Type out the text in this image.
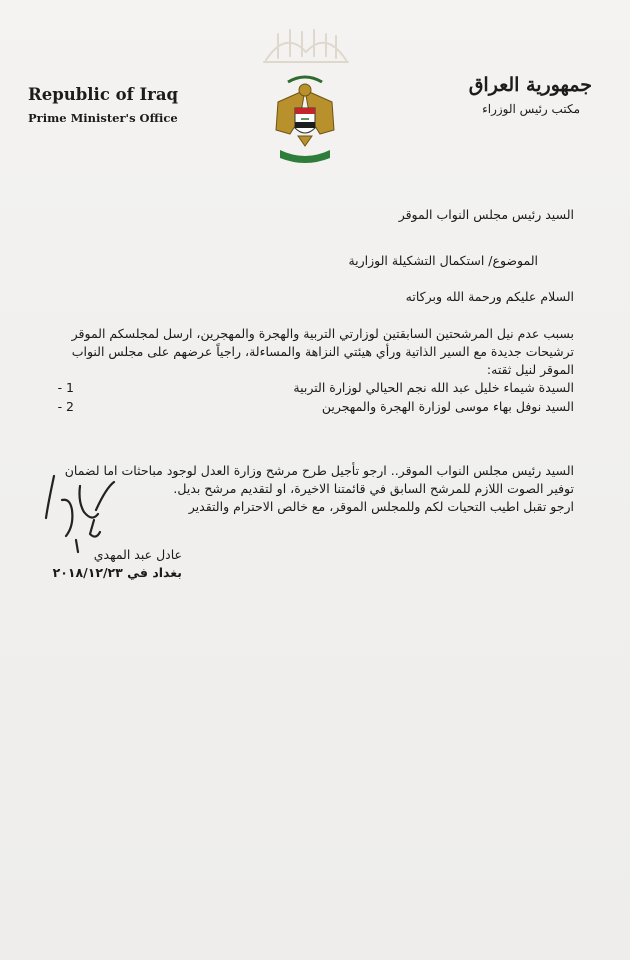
Republic of Iraq
Prime Minister's Office
جمهورية العراق
مكتب رئيس الوزراء
السيد رئيس مجلس النواب الموقر
الموضوع/ استكمال التشكيلة الوزارية
السلام عليكم ورحمة الله وبركاته
بسبب عدم نيل المرشحتين السابقتين لوزارتي التربية والهجرة والمهجرين، ارسل لمجلسكم الموقر ترشيحات جديدة مع السير الذاتية ورأي هيئتي النزاهة والمساءلة، راجياً عرضهم على مجلس النواب الموقر لنيل ثقته:
السيدة شيماء خليل عبد الله نجم الحيالي لوزارة التربية
1 -
السيد نوفل بهاء موسى لوزارة الهجرة والمهجرين
2 -
السيد رئيس مجلس النواب الموقر.. ارجو تأجيل طرح مرشح وزارة العدل لوجود مباحثات اما لضمان توفير الصوت اللازم للمرشح السابق في قائمتنا الاخيرة، او لتقديم مرشح بديل.
ارجو تقبل اطيب التحيات لكم وللمجلس الموقر، مع خالص الاحترام والتقدير
عادل عبد المهدي
بغداد في ٢٠١٨/١٢/٢٣
